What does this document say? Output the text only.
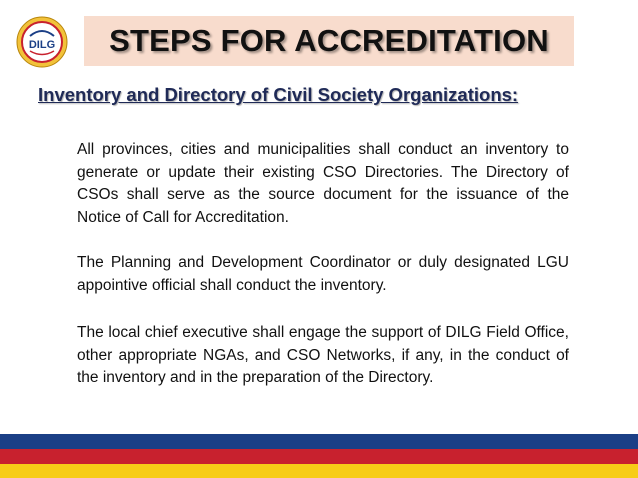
DILG STEPS FOR ACCREDITATION
Inventory and Directory of Civil Society Organizations:

All provinces, cities and municipalities shall conduct an inventory to generate or update their existing CSO Directories. The Directory of CSOs shall serve as the source document for the issuance of the Notice of Call for Accreditation.

The Planning and Development Coordinator or duly designated LGU appointive official shall conduct the inventory.

The local chief executive shall engage the support of DILG Field Office, other appropriate NGAs, and CSO Networks, if any, in the conduct of the inventory and in the preparation of the Directory.
